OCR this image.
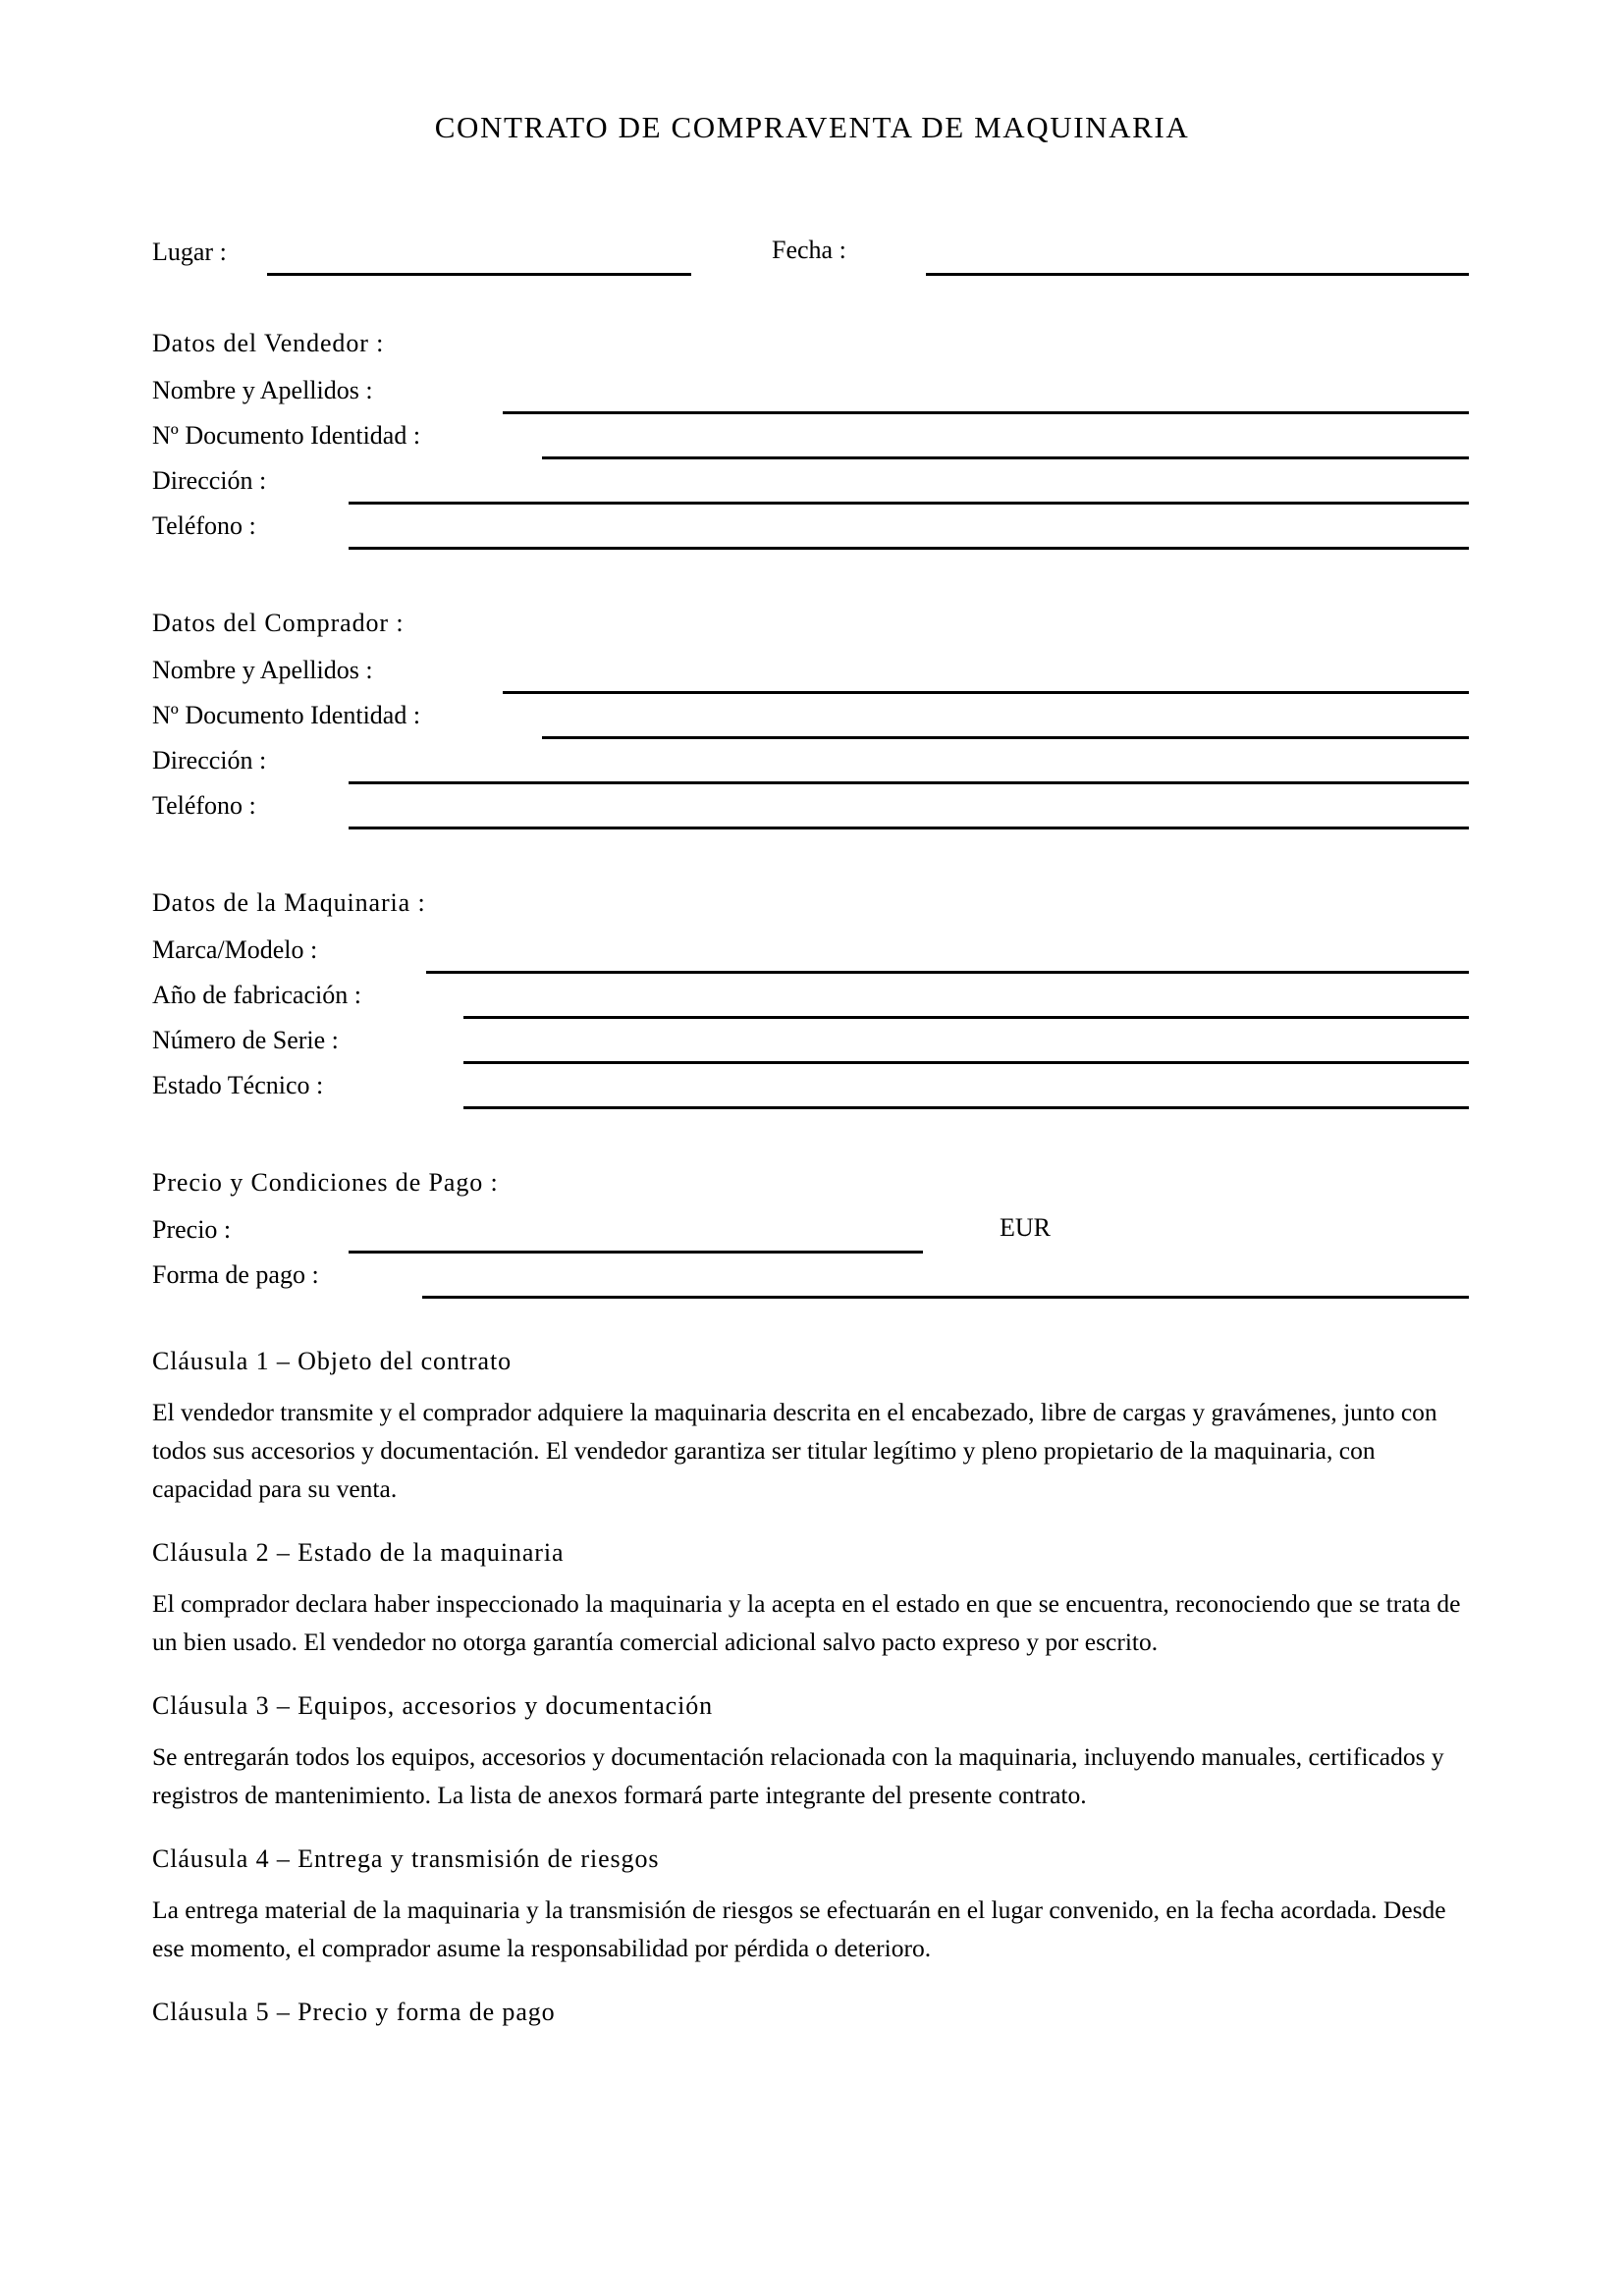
CONTRATO DE COMPRAVENTA DE MAQUINARIA
Lugar :	Fecha :
Datos del Vendedor :
Nombre y Apellidos :
Nº Documento Identidad :
Dirección :
Teléfono :
Datos del Comprador :
Nombre y Apellidos :
Nº Documento Identidad :
Dirección :
Teléfono :
Datos de la Maquinaria :
Marca/Modelo :
Año de fabricación :
Número de Serie :
Estado Técnico :
Precio y Condiciones de Pago :
Precio :	EUR
Forma de pago :
Cláusula 1 – Objeto del contrato
El vendedor transmite y el comprador adquiere la maquinaria descrita en el encabezado, libre de cargas y gravámenes, junto con todos sus accesorios y documentación. El vendedor garantiza ser titular legítimo y pleno propietario de la maquinaria, con capacidad para su venta.
Cláusula 2 – Estado de la maquinaria
El comprador declara haber inspeccionado la maquinaria y la acepta en el estado en que se encuentra, reconociendo que se trata de un bien usado. El vendedor no otorga garantía comercial adicional salvo pacto expreso y por escrito.
Cláusula 3 – Equipos, accesorios y documentación
Se entregarán todos los equipos, accesorios y documentación relacionada con la maquinaria, incluyendo manuales, certificados y registros de mantenimiento. La lista de anexos formará parte integrante del presente contrato.
Cláusula 4 – Entrega y transmisión de riesgos
La entrega material de la maquinaria y la transmisión de riesgos se efectuarán en el lugar convenido, en la fecha acordada. Desde ese momento, el comprador asume la responsabilidad por pérdida o deterioro.
Cláusula 5 – Precio y forma de pago
